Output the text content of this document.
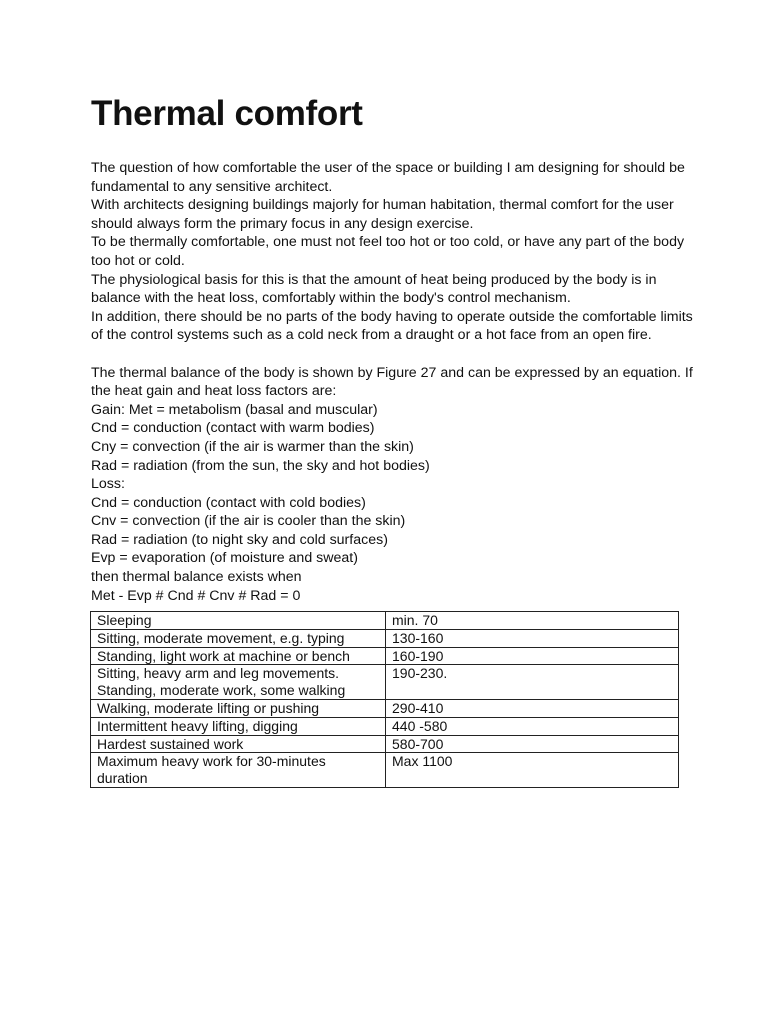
Thermal comfort
The question of how comfortable the user of the space or building I am designing for should be
fundamental to any sensitive architect.
With architects designing buildings majorly for human habitation, thermal comfort for the user
should always form the primary focus in any design exercise.
To be thermally comfortable, one must not feel too hot or too cold, or have any part of the body
too hot or cold.
The physiological basis for this is that the amount of heat being produced by the body is in
balance with the heat loss, comfortably within the body's control mechanism.
In addition, there should be no parts of the body having to operate outside the comfortable limits
of the control systems such as a cold neck from a draught or a hot face from an open fire.
The thermal balance of the body is shown by Figure 27 and can be expressed by an equation. If
the heat gain and heat loss factors are:
Gain: Met = metabolism (basal and muscular)
Cnd = conduction (contact with warm bodies)
Cny = convection (if the air is warmer than the skin)
Rad = radiation (from the sun, the sky and hot bodies)
Loss:
Cnd = conduction (contact with cold bodies)
Cnv = convection (if the air is cooler than the skin)
Rad = radiation (to night sky and cold surfaces)
Evp = evaporation (of moisture and sweat)
then thermal balance exists when
Met - Evp # Cnd # Cnv # Rad = 0
Sleeping	min. 70

Sitting, moderate movement, e.g. typing	130-160

Standing, light work at machine or bench	160-190

Sitting, heavy arm and leg movements.
Standing, moderate work, some walking	190-230.

Walking, moderate lifting or pushing	290-410

Intermittent heavy lifting, digging	440 -580

Hardest sustained work	580-700

Maximum heavy work for 30-minutes duration	Max 1100
